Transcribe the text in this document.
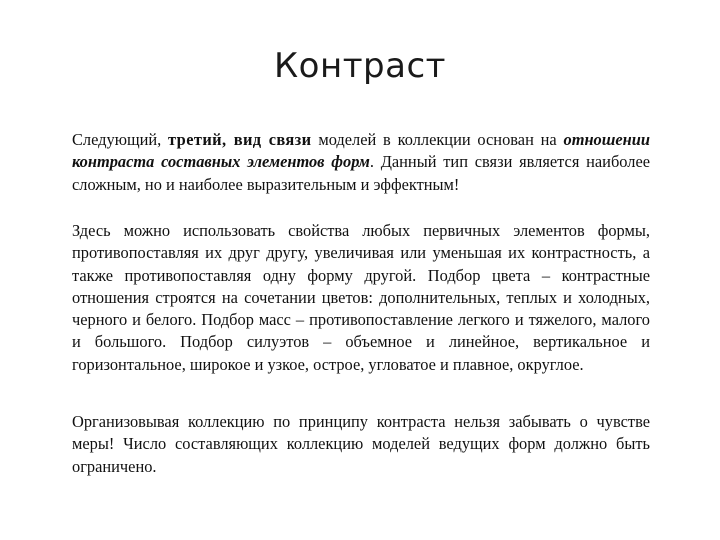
Контраст

Следующий, третий, вид связи моделей в коллекции основан на отношении контраста составных элементов форм. Данный тип связи является наиболее сложным, но и наиболее выразительным и эффектным!

Здесь можно использовать свойства любых первичных элементов формы, противопоставляя их друг другу, увеличивая или уменьшая их контрастность, а также противопоставляя одну форму другой. Подбор цвета – контрастные отношения строятся на сочетании цветов: дополнительных, теплых и холодных, черного и белого. Подбор масс – противопоставление легкого и тяжелого, малого и большого. Подбор силуэтов – объемное и линейное, вертикальное и горизонтальное, широкое и узкое, острое, угловатое и плавное, округлое.

Организовывая коллекцию по принципу контраста нельзя забывать о чувстве меры! Число составляющих коллекцию моделей ведущих форм должно быть ограничено.
